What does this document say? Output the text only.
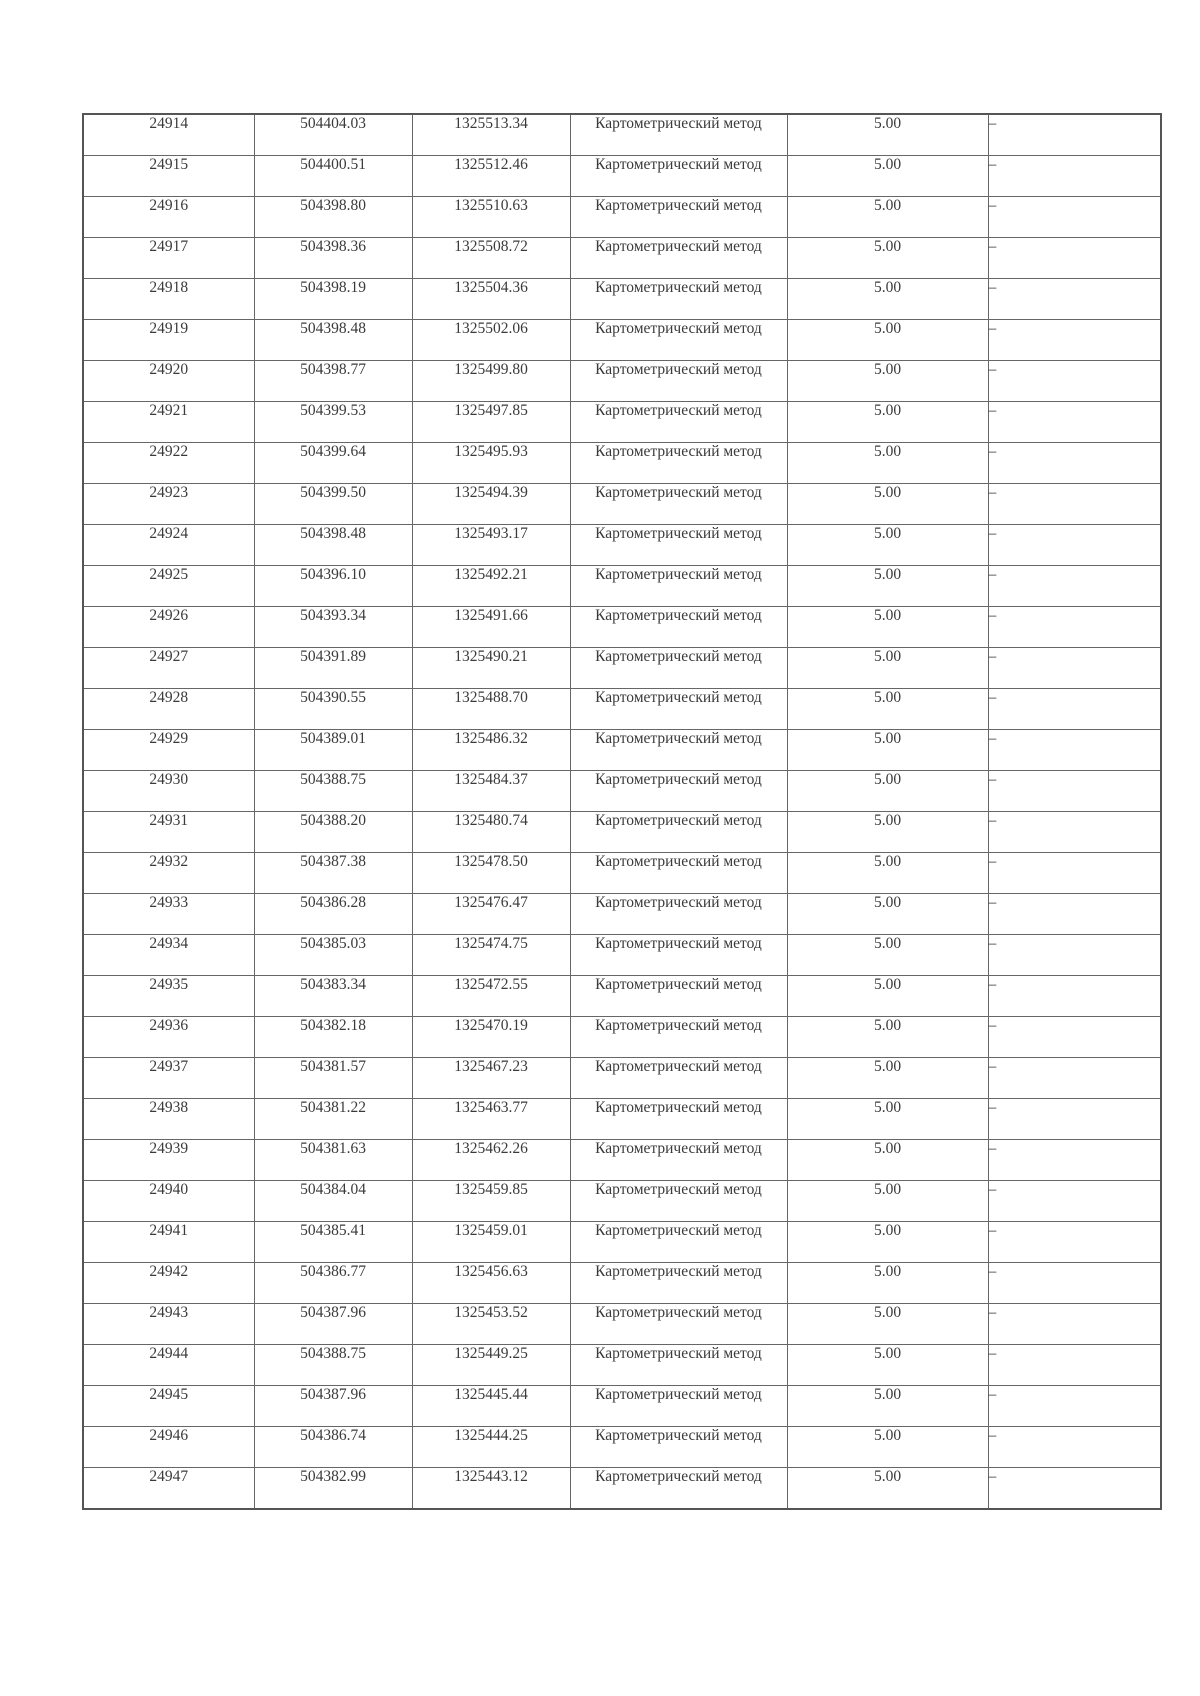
24914	504404.03	1325513.34	Картометрический метод	5.00	–
24915	504400.51	1325512.46	Картометрический метод	5.00	–
24916	504398.80	1325510.63	Картометрический метод	5.00	–
24917	504398.36	1325508.72	Картометрический метод	5.00	–
24918	504398.19	1325504.36	Картометрический метод	5.00	–
24919	504398.48	1325502.06	Картометрический метод	5.00	–
24920	504398.77	1325499.80	Картометрический метод	5.00	–
24921	504399.53	1325497.85	Картометрический метод	5.00	–
24922	504399.64	1325495.93	Картометрический метод	5.00	–
24923	504399.50	1325494.39	Картометрический метод	5.00	–
24924	504398.48	1325493.17	Картометрический метод	5.00	–
24925	504396.10	1325492.21	Картометрический метод	5.00	–
24926	504393.34	1325491.66	Картометрический метод	5.00	–
24927	504391.89	1325490.21	Картометрический метод	5.00	–
24928	504390.55	1325488.70	Картометрический метод	5.00	–
24929	504389.01	1325486.32	Картометрический метод	5.00	–
24930	504388.75	1325484.37	Картометрический метод	5.00	–
24931	504388.20	1325480.74	Картометрический метод	5.00	–
24932	504387.38	1325478.50	Картометрический метод	5.00	–
24933	504386.28	1325476.47	Картометрический метод	5.00	–
24934	504385.03	1325474.75	Картометрический метод	5.00	–
24935	504383.34	1325472.55	Картометрический метод	5.00	–
24936	504382.18	1325470.19	Картометрический метод	5.00	–
24937	504381.57	1325467.23	Картометрический метод	5.00	–
24938	504381.22	1325463.77	Картометрический метод	5.00	–
24939	504381.63	1325462.26	Картометрический метод	5.00	–
24940	504384.04	1325459.85	Картометрический метод	5.00	–
24941	504385.41	1325459.01	Картометрический метод	5.00	–
24942	504386.77	1325456.63	Картометрический метод	5.00	–
24943	504387.96	1325453.52	Картометрический метод	5.00	–
24944	504388.75	1325449.25	Картометрический метод	5.00	–
24945	504387.96	1325445.44	Картометрический метод	5.00	–
24946	504386.74	1325444.25	Картометрический метод	5.00	–
24947	504382.99	1325443.12	Картометрический метод	5.00	–
